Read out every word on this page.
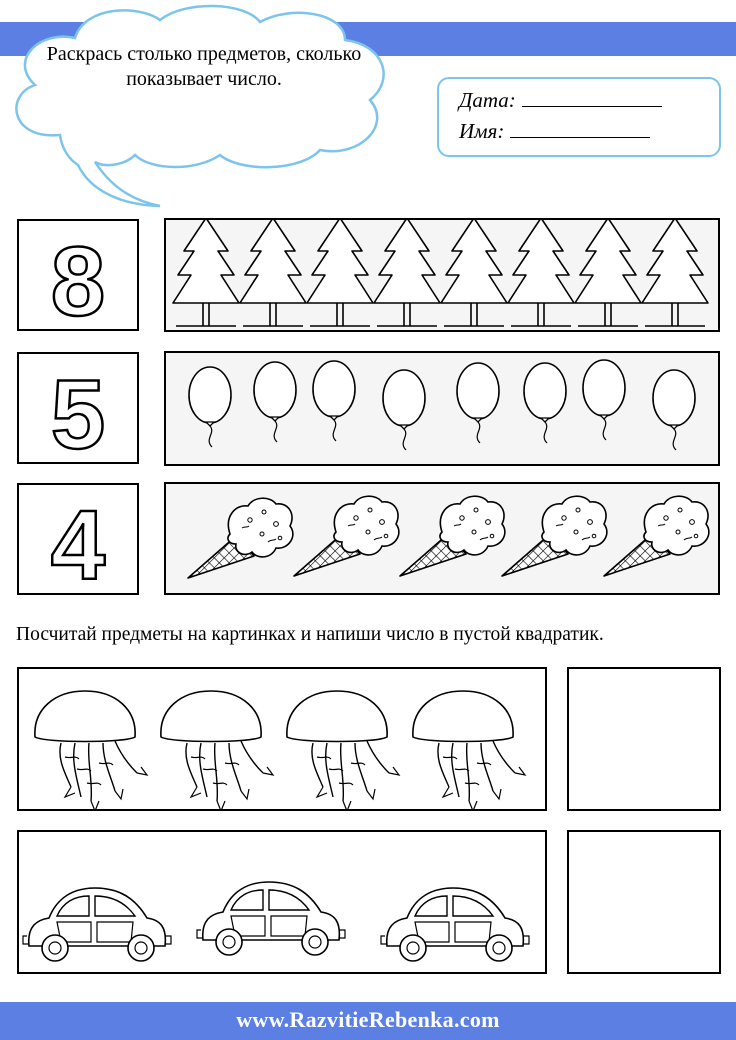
Раскрась столько предметов, сколько показывает число.
Дата:
Имя:
8
5
4
Посчитай предметы на картинках и напиши число в пустой квадратик.
www.RazvitieRebenka.com
